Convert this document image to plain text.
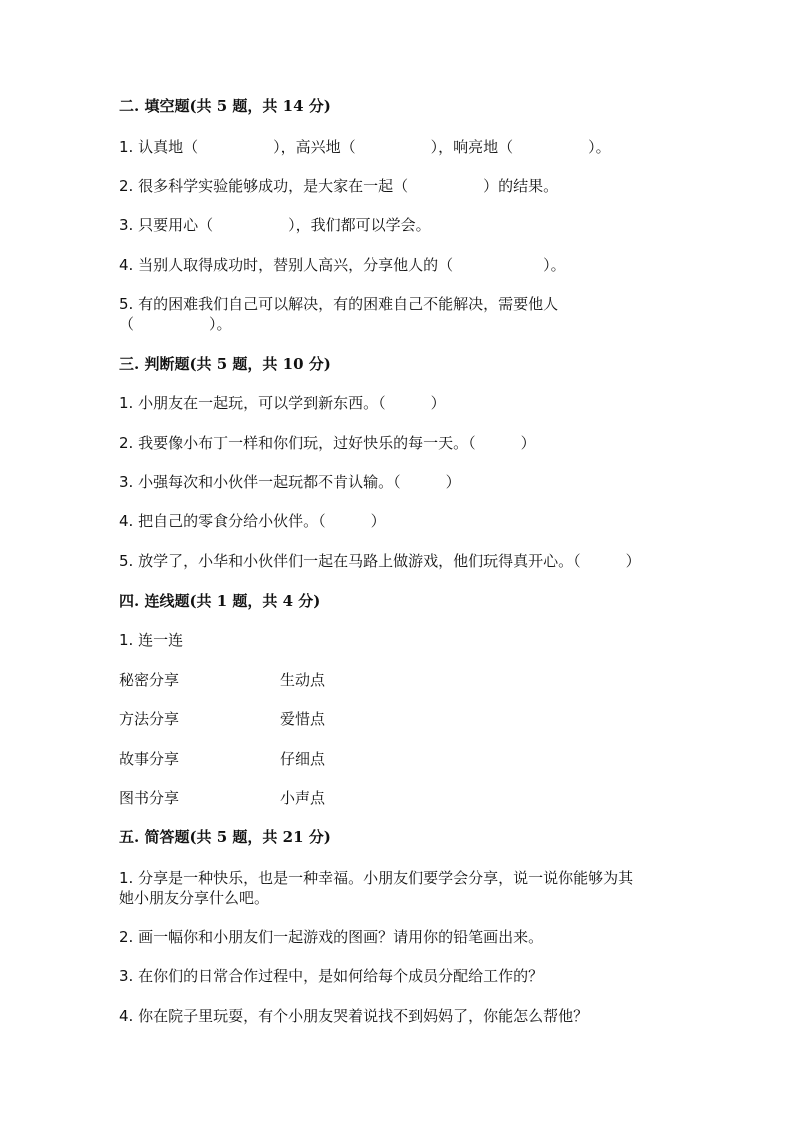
二. 填空题(共 5 题，共 14 分)
1. 认真地（　　　　　），高兴地（　　　　　），响亮地（　　　　　）。
2. 很多科学实验能够成功，是大家在一起（　　　　　）的结果。
3. 只要用心（　　　　　），我们都可以学会。
4. 当别人取得成功时，替别人高兴，分享他人的（　　　　　　）。
5. 有的困难我们自己可以解决，有的困难自己不能解决，需要他人
（　　　　　）。
三. 判断题(共 5 题，共 10 分)
1. 小朋友在一起玩，可以学到新东西。（　　　）
2. 我要像小布丁一样和你们玩，过好快乐的每一天。（　　　）
3. 小强每次和小伙伴一起玩都不肯认输。（　　　）
4. 把自己的零食分给小伙伴。（　　　）
5. 放学了，小华和小伙伴们一起在马路上做游戏，他们玩得真开心。（　　　）
四. 连线题(共 1 题，共 4 分)
1. 连一连
秘密分享	生动点
方法分享	爱惜点
故事分享	仔细点
图书分享	小声点
五. 简答题(共 5 题，共 21 分)
1. 分享是一种快乐，也是一种幸福。小朋友们要学会分享，说一说你能够为其
她小朋友分享什么吧。
2. 画一幅你和小朋友们一起游戏的图画？请用你的铅笔画出来。
3. 在你们的日常合作过程中，是如何给每个成员分配给工作的？
4. 你在院子里玩耍，有个小朋友哭着说找不到妈妈了，你能怎么帮他？
